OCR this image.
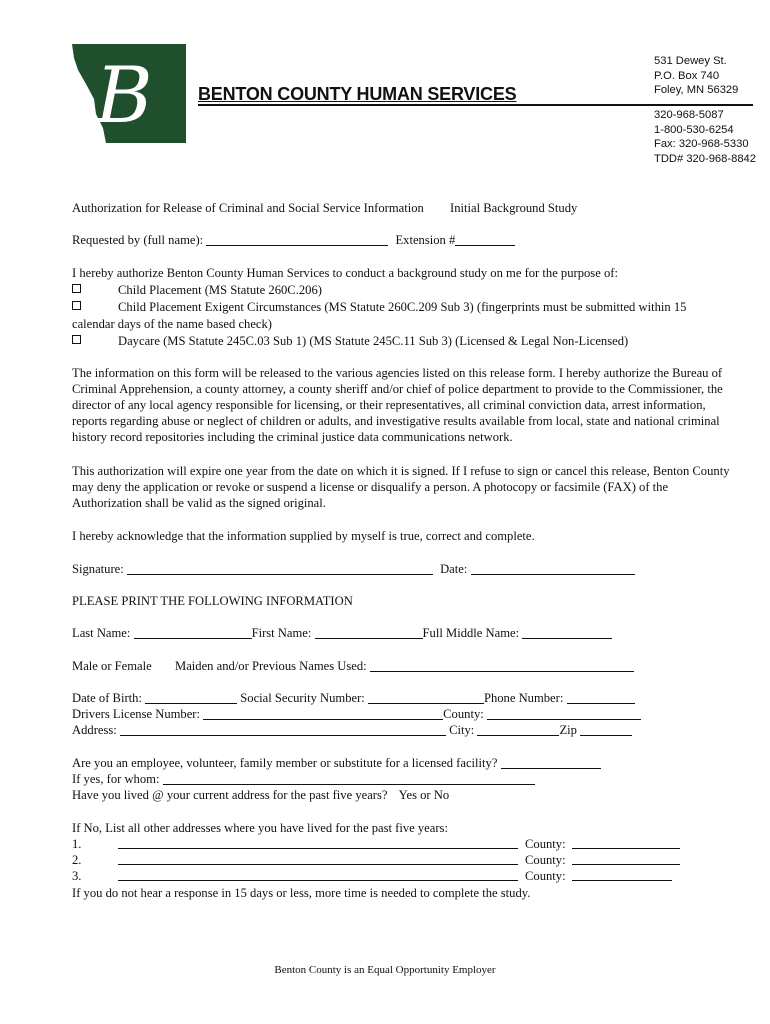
B	BENTON COUNTY HUMAN SERVICES
531 Dewey St.
P.O. Box 740
Foley, MN 56329
320-968-5087
1-800-530-6254
Fax: 320-968-5330
TDD# 320-968-8842
Authorization for Release of Criminal and Social Service Information Initial Background Study
Requested by (full name):	Extension #
I hereby authorize Benton County Human Services to conduct a background study on me for the purpose of:
Child Placement (MS Statute 260C.206)
Child Placement Exigent Circumstances (MS Statute 260C.209 Sub 3) (fingerprints must be submitted within 15
calendar days of the name based check)
Daycare (MS Statute 245C.03 Sub 1) (MS Statute 245C.11 Sub 3) (Licensed & Legal Non-Licensed)
The information on this form will be released to the various agencies listed on this release form. I hereby authorize the Bureau of Criminal Apprehension, a county attorney, a county sheriff and/or chief of police department to provide to the Commissioner, the director of any local agency responsible for licensing, or their representatives, all criminal conviction data, arrest information, reports regarding abuse or neglect of children or adults, and investigative results available from local, state and national criminal history record repositories including the criminal justice data communications network.
This authorization will expire one year from the date on which it is signed. If I refuse to sign or cancel this release, Benton County may deny the application or revoke or suspend a license or disqualify a person. A photocopy or facsimile (FAX) of the Authorization shall be valid as the signed original.
I hereby acknowledge that the information supplied by myself is true, correct and complete.
Signature:	Date:
PLEASE PRINT THE FOLLOWING INFORMATION
Last Name:	First Name:	Full Middle Name:
Male or Female Maiden and/or Previous Names Used:
Date of Birth:	Social Security Number:	Phone Number:
Drivers License Number:	County:
Address:	City:	Zip
Are you an employee, volunteer, family member or substitute for a licensed facility?
If yes, for whom:
Have you lived @ your current address for the past five years? Yes or No
If No, List all other addresses where you have lived for the past five years:
1.	County:
2.	County:
3.	County:
If you do not hear a response in 15 days or less, more time is needed to complete the study.
Benton County is an Equal Opportunity Employer
